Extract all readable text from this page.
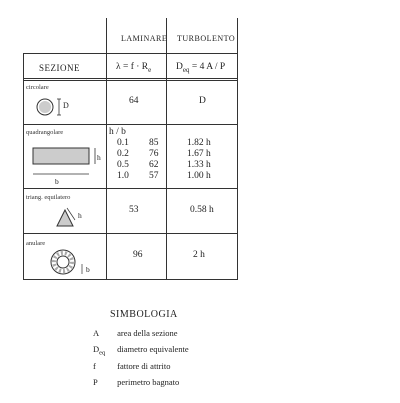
LAMINARE TURBOLENTO
SEZIONE	$\lambda = f \cdot R_e$	$D_{eq} = 4$ A / P
circolare
D	64	D
quadrangolare
h
b
h / b
0.1 85	1.82 h
0.2 76	1.67 h
0.5 62	1.33 h
1.0 57	1.00 h
triang. equilatero
h
53	0.58 h
anulare
b
96	2 h
SIMBOLOGIA
A area della sezione
$D_{eq}$ diametro equivalente
f	fattore di attrito
P perimetro bagnato
